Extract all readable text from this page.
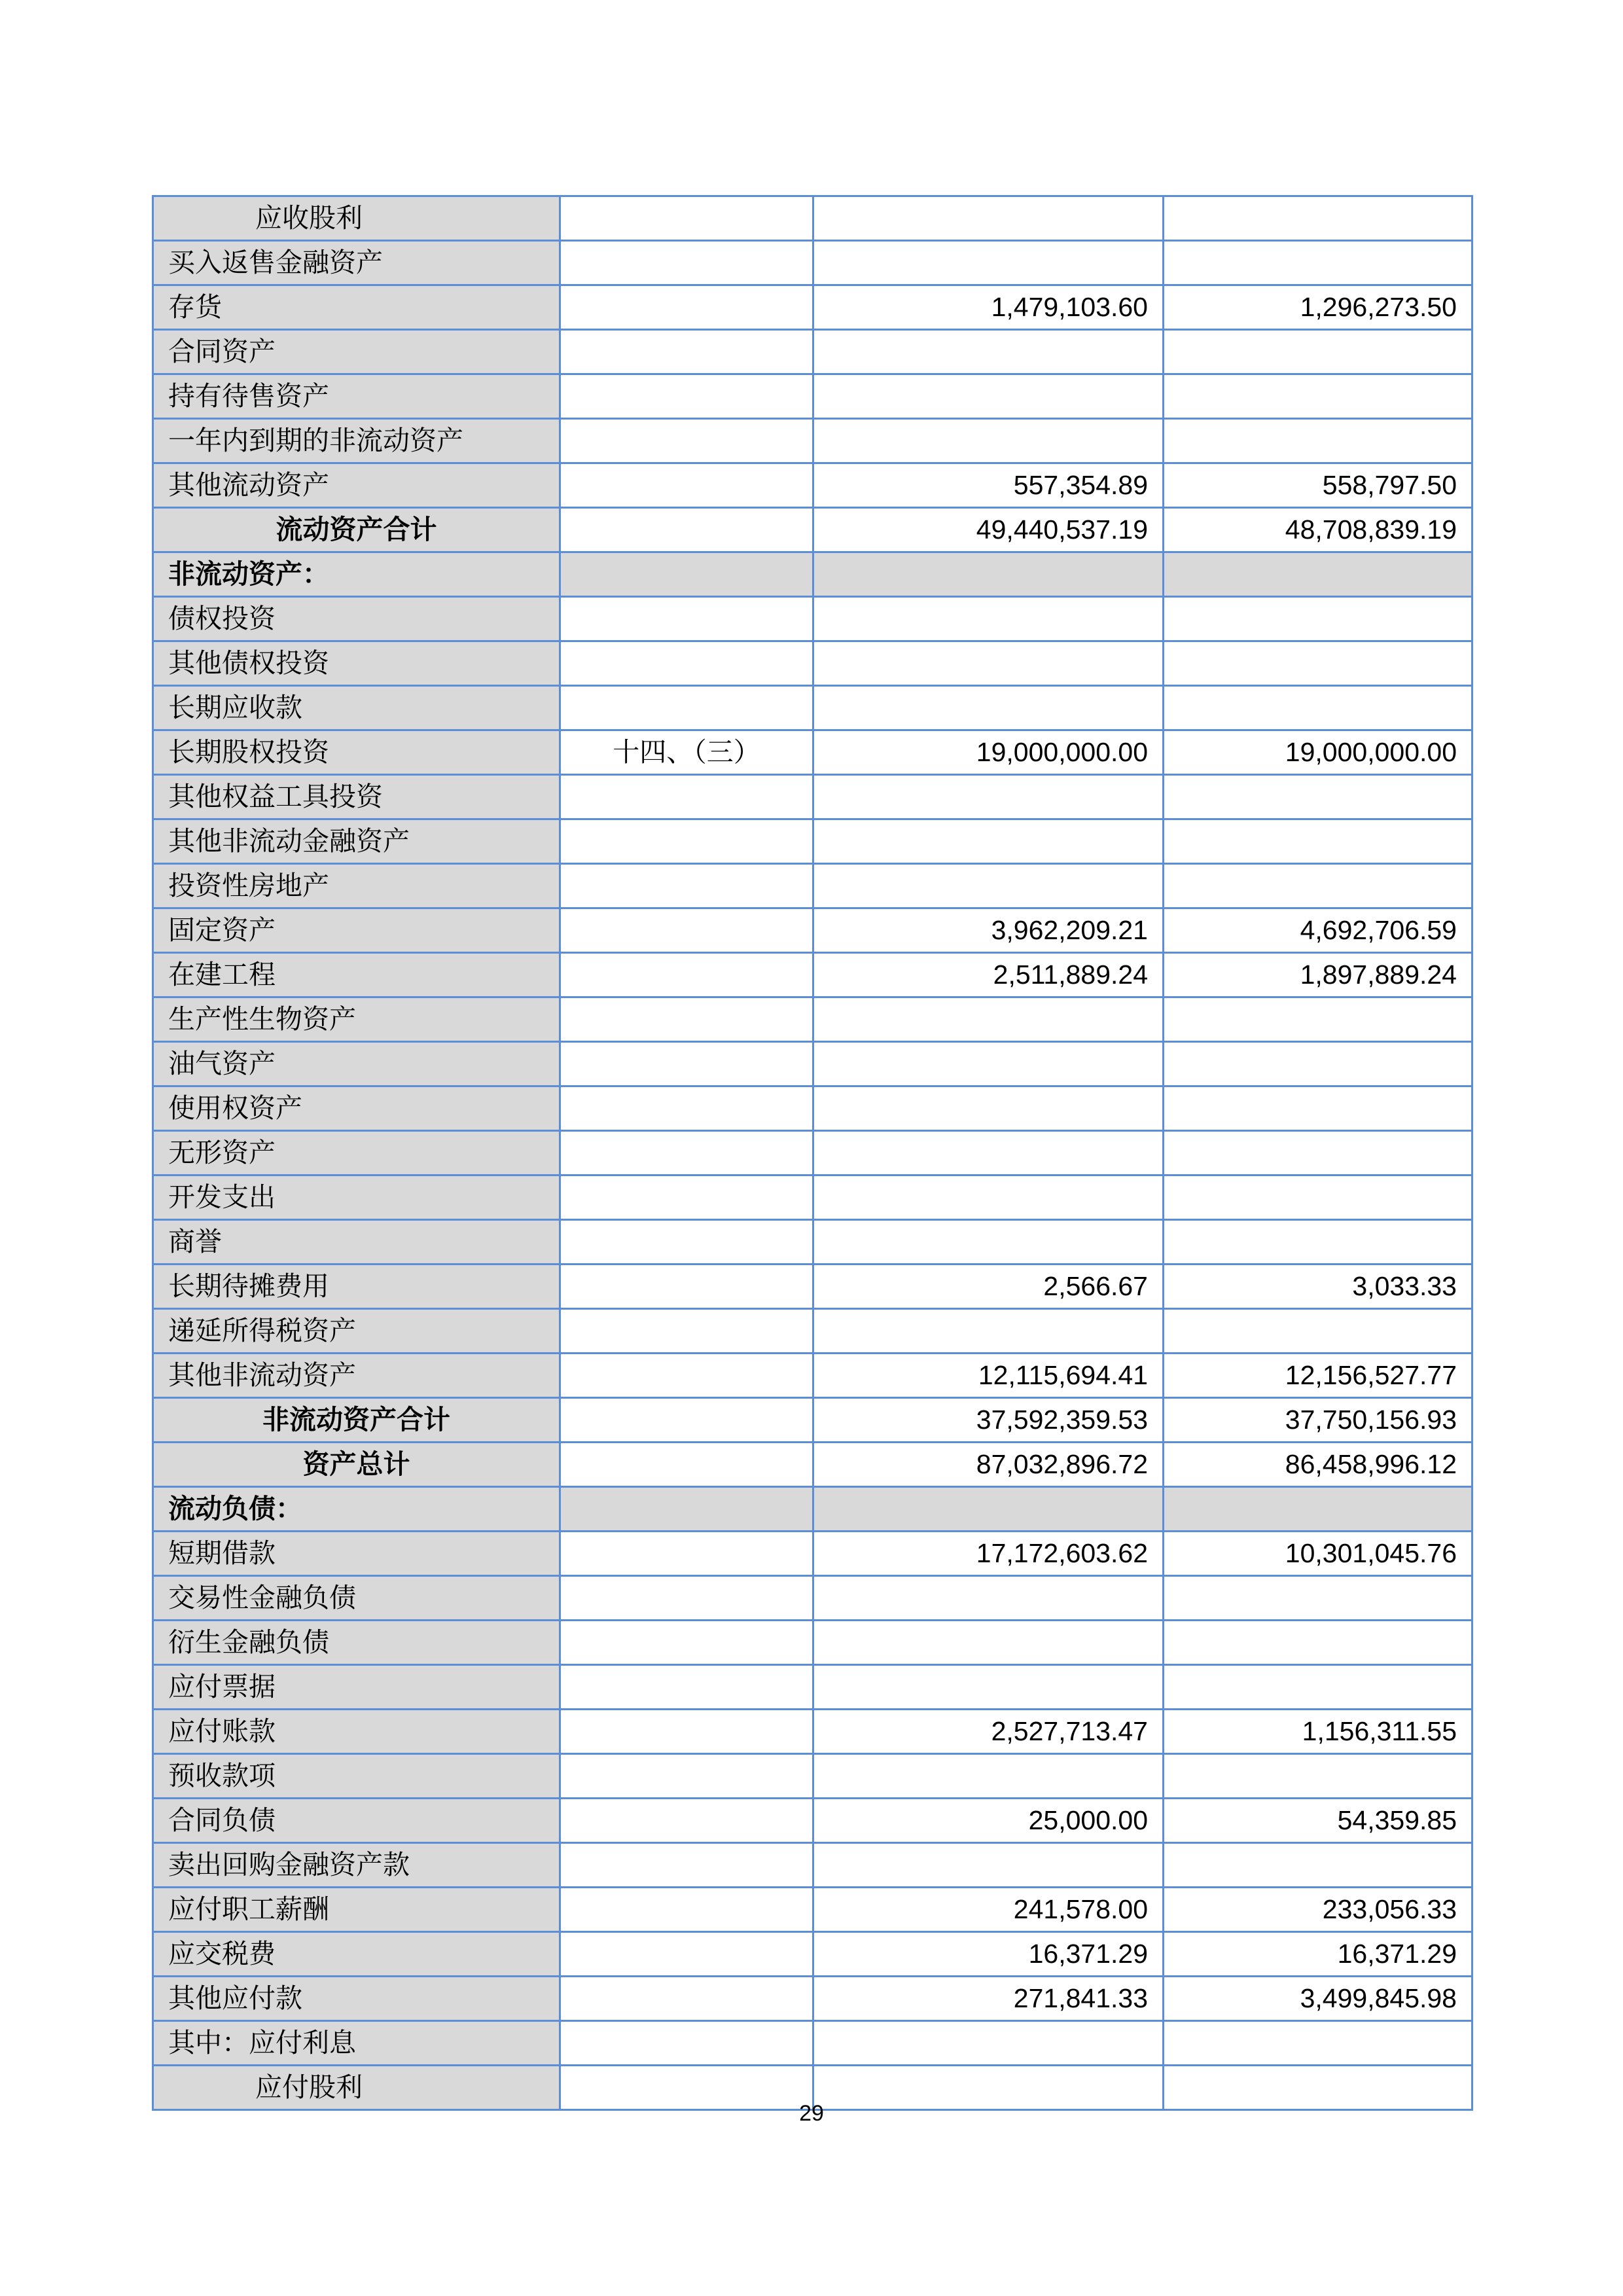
应收股利			
买入返售金融资产			
存货		1,479,103.60	1,296,273.50
合同资产			
持有待售资产			
一年内到期的非流动资产			
其他流动资产		557,354.89	558,797.50
流动资产合计		49,440,537.19	48,708,839.19
非流动资产：			
债权投资			
其他债权投资			
长期应收款			
长期股权投资	十四、（三）	19,000,000.00	19,000,000.00
其他权益工具投资			
其他非流动金融资产			
投资性房地产			
固定资产		3,962,209.21	4,692,706.59
在建工程		2,511,889.24	1,897,889.24
生产性生物资产			
油气资产			
使用权资产			
无形资产			
开发支出			
商誉			
长期待摊费用		2,566.67	3,033.33
递延所得税资产			
其他非流动资产		12,115,694.41	12,156,527.77
非流动资产合计		37,592,359.53	37,750,156.93
资产总计		87,032,896.72	86,458,996.12
流动负债：			
短期借款		17,172,603.62	10,301,045.76
交易性金融负债			
衍生金融负债			
应付票据			
应付账款		2,527,713.47	1,156,311.55
预收款项			
合同负债		25,000.00	54,359.85
卖出回购金融资产款			
应付职工薪酬		241,578.00	233,056.33
应交税费		16,371.29	16,371.29
其他应付款		271,841.33	3,499,845.98
其中：应付利息			
应付股利			
29
